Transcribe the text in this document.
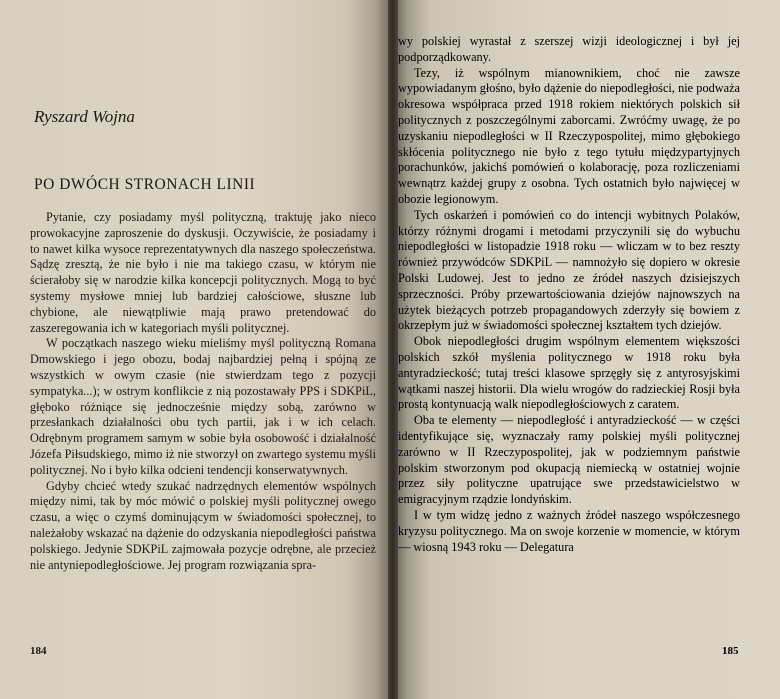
Ryszard Wojna
PO DWÓCH STRONACH LINII

Pytanie, czy posiadamy myśl polityczną, traktuję jako nieco prowokacyjne zaproszenie do dyskusji. Oczywiście, że posiadamy i to nawet kilka wysoce reprezentatywnych dla naszego społeczeństwa. Sądzę zresztą, że nie było i nie ma takiego czasu, w którym nie ścierałoby się w narodzie kilka koncepcji politycznych. Mogą to być systemy mysłowe mniej lub bardziej całościowe, słuszne lub chybione, ale niewątpliwie mają prawo pretendować do zaszeregowania ich w kategoriach myśli politycznej.

W początkach naszego wieku mieliśmy myśl polityczną Romana Dmowskiego i jego obozu, bodaj najbardziej pełną i spójną ze wszystkich w owym czasie (nie stwierdzam tego z pozycji sympatyka...); w ostrym konflikcie z nią pozostawały PPS i SDKPiL, głęboko różniące się jednocześnie między sobą, zarówno w przesłankach działalności obu tych partii, jak i w ich celach. Odrębnym programem samym w sobie była osobowość i działalność Józefa Piłsudskiego, mimo iż nie stworzył on zwartego systemu myśli politycznej. No i było kilka odcieni tendencji konserwatywnych.

Gdyby chcieć wtedy szukać nadrzędnych elementów wspólnych między nimi, tak by móc mówić o polskiej myśli politycznej owego czasu, a więc o czymś dominującym w świadomości społecznej, to należałoby wskazać na dążenie do odzyskania niepodległości państwa polskiego. Jedynie SDKPiL zajmowała pozycje odrębne, ale przecież nie antyniepodległościowe. Jej program rozwiązania spra-

184

wy polskiej wyrastał z szerszej wizji ideologicznej i był jej podporządkowany.

Tezy, iż wspólnym mianownikiem, choć nie zawsze wypowiadanym głośno, było dążenie do niepodległości, nie podważa okresowa współpraca przed 1918 rokiem niektórych polskich sił politycznych z poszczególnymi zaborcami. Zwróćmy uwagę, że po uzyskaniu niepodległości w II Rzeczypospolitej, mimo głębokiego skłócenia politycznego nie było z tego tytułu międzypartyjnych porachunków, jakichś pomówień o kolaborację, poza rozliczeniami wewnątrz każdej grupy z osobna. Tych ostatnich było najwięcej w obozie legionowym.

Tych oskarżeń i pomówień co do intencji wybitnych Polaków, którzy różnymi drogami i metodami przyczynili się do wybuchu niepodległości w listopadzie 1918 roku — wliczam w to bez reszty również przywódców SDKPiL — namnożyło się dopiero w okresie Polski Ludowej. Jest to jedno ze źródeł naszych dzisiejszych sprzeczności. Próby przewartościowania dziejów najnowszych na użytek bieżących potrzeb propagandowych zderzyły się bowiem z okrzepłym już w świadomości społecznej kształtem tych dziejów.

Obok niepodległości drugim wspólnym elementem większości polskich szkół myślenia politycznego w 1918 roku była antyradzieckość; tutaj treści klasowe sprzęgły się z antyrosyjskimi wątkami naszej historii. Dla wielu wrogów do radzieckiej Rosji była prostą kontynuacją walk niepodległościowych z caratem.

Oba te elementy — niepodległość i antyradzieckość — w części identyfikujące się, wyznaczały ramy polskiej myśli politycznej zarówno w II Rzeczypospolitej, jak w podziemnym państwie polskim stworzonym pod okupacją niemiecką w ostatniej wojnie przez siły polityczne upatrujące swe przedstawicielstwo w emigracyjnym rządzie londyńskim.

I w tym widzę jedno z ważnych źródeł naszego współczesnego kryzysu politycznego. Ma on swoje korzenie w momencie, w którym — wiosną 1943 roku — Delegatura

185
